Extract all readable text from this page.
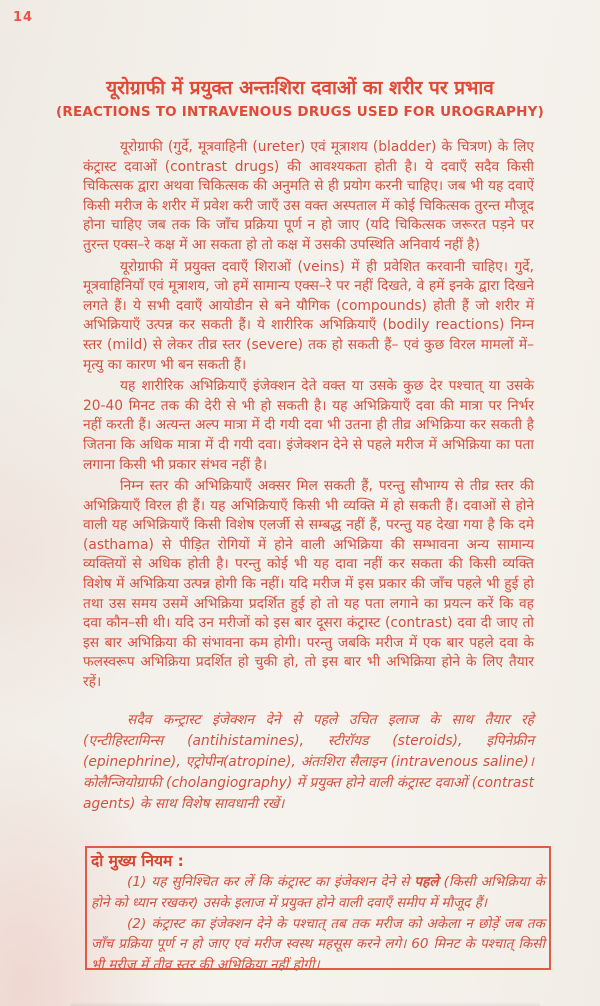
14
यूरोग्राफी में प्रयुक्त अन्तःशिरा दवाओं का शरीर पर प्रभाव
(REACTIONS TO INTRAVENOUS DRUGS USED FOR UROGRAPHY)

यूरोग्राफी (गुर्दे, मूत्रवाहिनी (ureter) एवं मूत्राशय (bladder) के चित्रण) के लिए कंट्रास्ट दवाओं (contrast drugs) की आवश्यकता होती है। ये दवाएँ सदैव किसी चिकित्सक द्वारा अथवा चिकित्सक की अनुमति से ही प्रयोग करनी चाहिए। जब भी यह दवाऐं किसी मरीज के शरीर में प्रवेश करी जाएँ उस वक्त अस्पताल में कोई चिकित्सक तुरन्त मौजूद होना चाहिए जब तक कि जाँच प्रक्रिया पूर्ण न हो जाए (यदि चिकित्सक जरूरत पड़ने पर तुरन्त एक्स–रे कक्ष में आ सकता हो तो कक्ष में उसकी उपस्थिति अनिवार्य नहीं है)

यूरोग्राफी में प्रयुक्त दवाएँ शिराओं (veins) में ही प्रवेशित करवानी चाहिए। गुर्दे, मूत्रवाहिनियाँ एवं मूत्राशय, जो हमें सामान्य एक्स–रे पर नहीं दिखते, वे हमें इनके द्वारा दिखने लगते हैं। ये सभी दवाएँ आयोडीन से बने यौगिक (compounds) होती हैं जो शरीर में अभिक्रियाएँ उत्पन्न कर सकती हैं। ये शारीरिक अभिक्रियाएँ (bodily reactions) निम्न स्तर (mild) से लेकर तीव्र स्तर (severe) तक हो सकती हैं– एवं कुछ विरल मामलों में–मृत्यु का कारण भी बन सकती हैं।

यह शारीरिक अभिक्रियाएँ इंजेक्शन देते वक्त या उसके कुछ देर पश्चात् या उसके 20-40 मिनट तक की देरी से भी हो सकती है। यह अभिक्रियाएँ दवा की मात्रा पर निर्भर नहीं करती हैं। अत्यन्त अल्प मात्रा में दी गयी दवा भी उतना ही तीव्र अभिक्रिया कर सकती है जितना कि अधिक मात्रा में दी गयी दवा। इंजेक्शन देने से पहले मरीज में अभिक्रिया का पता लगाना किसी भी प्रकार संभव नहीं है।

निम्न स्तर की अभिक्रियाएँ अक्सर मिल सकती हैं, परन्तु सौभाग्य से तीव्र स्तर की अभिक्रियाएँ विरल ही हैं। यह अभिक्रियाएँ किसी भी व्यक्ति में हो सकती हैं। दवाओं से होने वाली यह अभिक्रियाएँ किसी विशेष एलर्जी से सम्बद्ध नहीं हैं, परन्तु यह देखा गया है कि दमे (asthama) से पीड़ित रोगियों में होने वाली अभिक्रिया की सम्भावना अन्य सामान्य व्यक्तियों से अधिक होती है। परन्तु कोई भी यह दावा नहीं कर सकता की किसी व्यक्ति विशेष में अभिक्रिया उत्पन्न होगी कि नहीं। यदि मरीज में इस प्रकार की जाँच पहले भी हुई हो तथा उस समय उसमें अभिक्रिया प्रदर्शित हुई हो तो यह पता लगाने का प्रयत्न करें कि वह दवा कौन–सी थी। यदि उन मरीजों को इस बार दूसरा कंट्रास्ट (contrast) दवा दी जाए तो इस बार अभिक्रिया की संभावना कम होगी। परन्तु जबकि मरीज में एक बार पहले दवा के फलस्वरूप अभिक्रिया प्रदर्शित हो चुकी हो, तो इस बार भी अभिक्रिया होने के लिए तैयार रहें।

सदैव कन्ट्रास्ट इंजेक्शन देने से पहले उचित इलाज के साथ तैयार रहे (एन्टीहिस्टामिन्स (antihistamines), स्टीरॉयड (steroids), इपिनेफ्रीन (epinephrine), एट्रोपीन(atropine), अंतःशिरा सैलाइन (intravenous saline)। कोलैन्जियोग्राफी (cholangiography) में प्रयुक्त होने वाली कंट्रास्ट दवाओं (contrast agents) के साथ विशेष सावधानी रखें।

दो मुख्य नियम :

(1) यह सुनिश्चित कर लें कि कंट्रास्ट का इंजेक्शन देने से पहले (किसी अभिक्रिया के होने को ध्यान रखकर) उसके इलाज में प्रयुक्त होने वाली दवाएँ समीप में मौजूद हैं।

(2) कंट्रास्ट का इंजेक्शन देने के पश्चात् तब तक मरीज को अकेला न छोड़ें जब तक जाँच प्रक्रिया पूर्ण न हो जाए एवं मरीज स्वस्थ महसूस करने लगे। 60 मिनट के पश्चात् किसी भी मरीज में तीव्र स्तर की अभिक्रिया नहीं होगी।
